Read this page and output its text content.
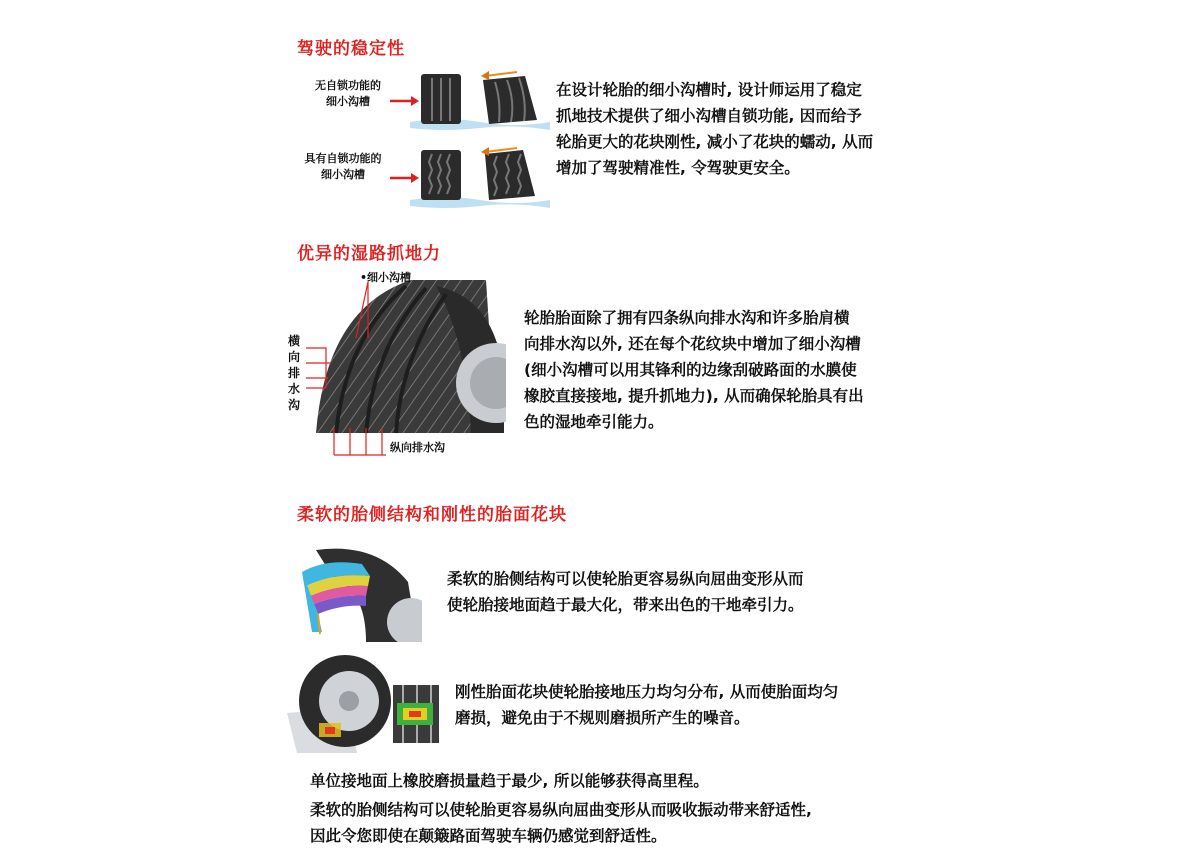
驾驶的稳定性
无自锁功能的
细小沟槽
具有自锁功能的
细小沟槽
在设计轮胎的细小沟槽时, 设计师运用了稳定
抓地技术提供了细小沟槽自锁功能, 因而给予
轮胎更大的花块刚性, 减小了花块的蠕动, 从而
增加了驾驶精准性, 令驾驶更安全。
优异的湿路抓地力
•细小沟槽
横
向
排
水
沟
纵向排水沟
轮胎胎面除了拥有四条纵向排水沟和许多胎肩横
向排水沟以外, 还在每个花纹块中增加了细小沟槽
(细小沟槽可以用其锋利的边缘刮破路面的水膜使
橡胶直接接地, 提升抓地力), 从而确保轮胎具有出
色的湿地牵引能力。
柔软的胎侧结构和刚性的胎面花块
柔软的胎侧结构可以使轮胎更容易纵向屈曲变形从而
使轮胎接地面趋于最大化，带来出色的干地牵引力。
刚性胎面花块使轮胎接地压力均匀分布, 从而使胎面均匀
磨损，避免由于不规则磨损所产生的噪音。
单位接地面上橡胶磨损量趋于最少, 所以能够获得高里程。
柔软的胎侧结构可以使轮胎更容易纵向屈曲变形从而吸收振动带来舒适性,
因此令您即使在颠簸路面驾驶车辆仍感觉到舒适性。
